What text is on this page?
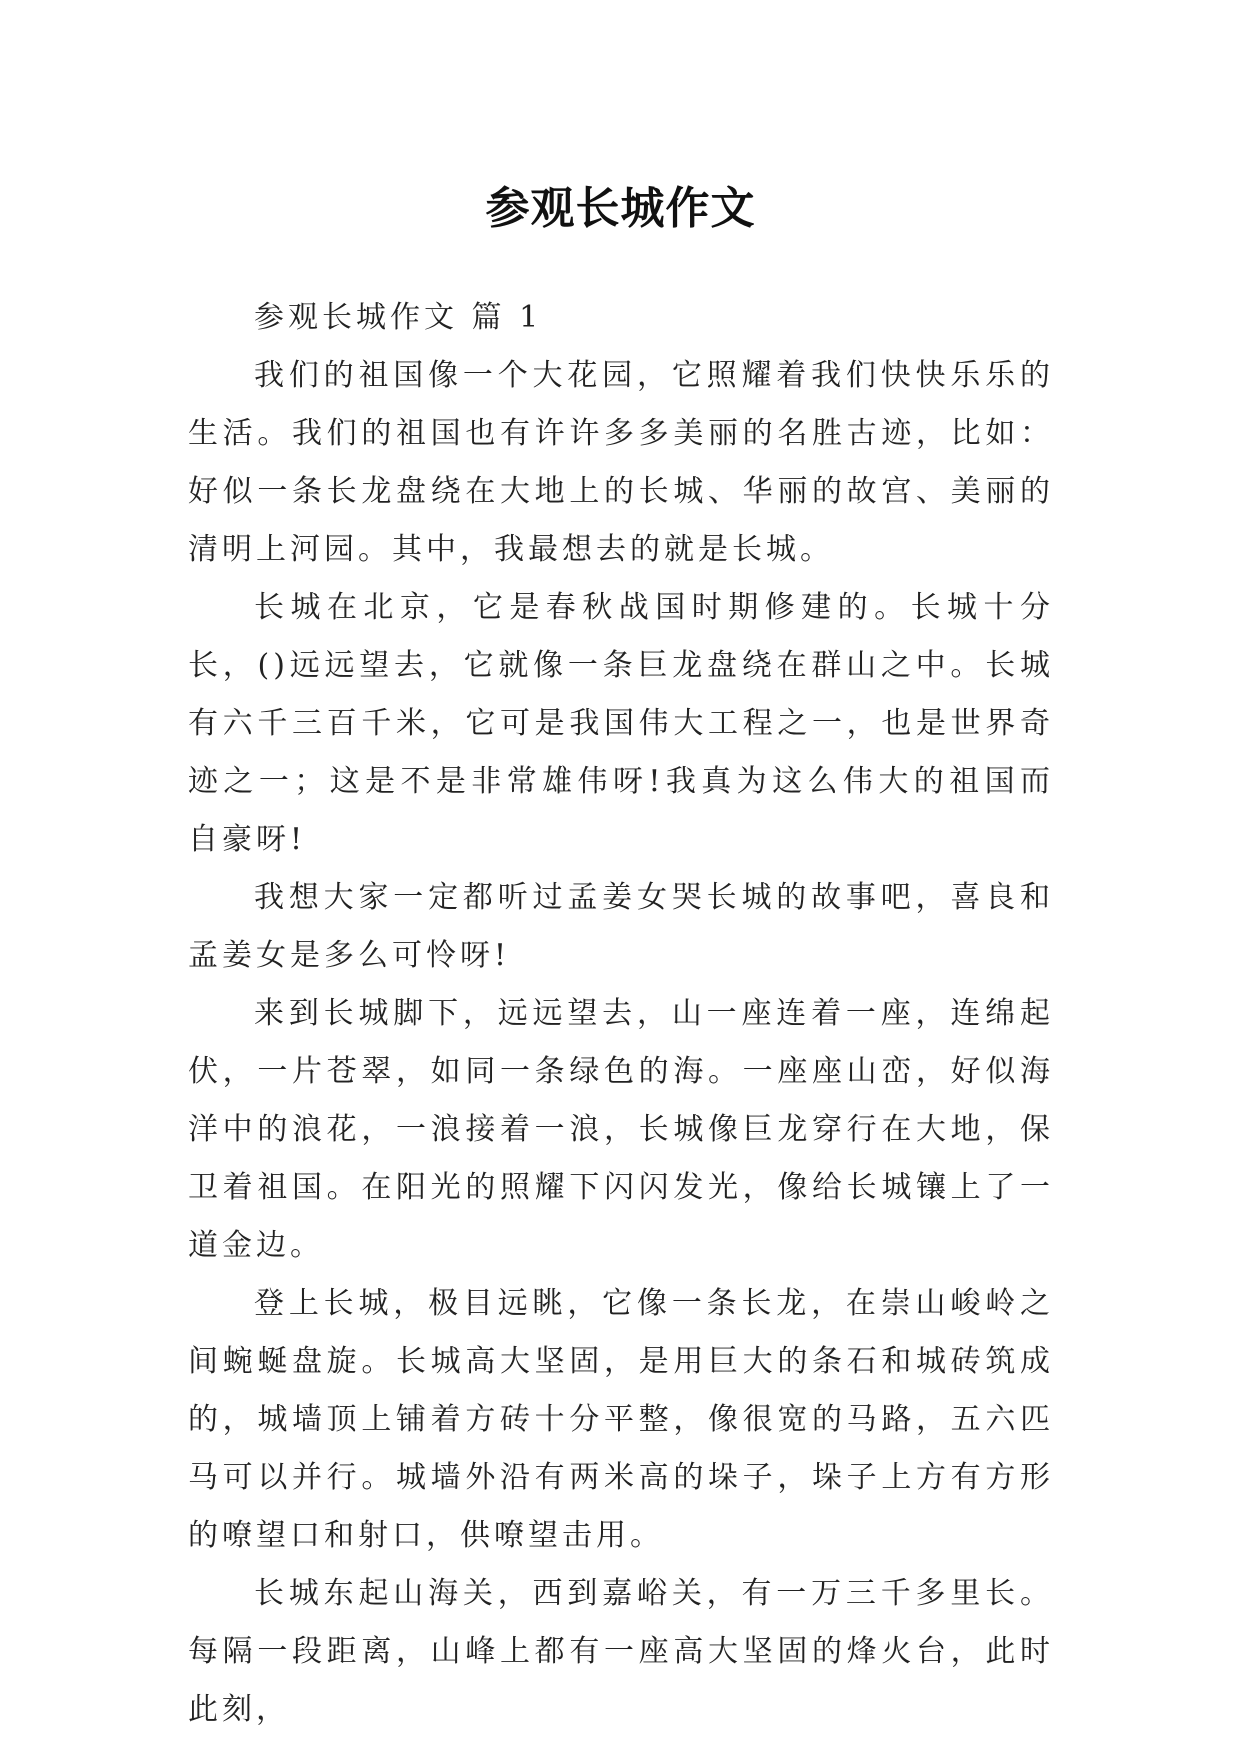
参观长城作文
参观长城作文 篇 1

我们的祖国像一个大花园，它照耀着我们快快乐乐的生活。我们的祖国也有许许多多美丽的名胜古迹，比如：好似一条长龙盘绕在大地上的长城、华丽的故宫、美丽的清明上河园。其中，我最想去的就是长城。

长城在北京，它是春秋战国时期修建的。长城十分长，()远远望去，它就像一条巨龙盘绕在群山之中。长城有六千三百千米，它可是我国伟大工程之一，也是世界奇迹之一；这是不是非常雄伟呀!我真为这么伟大的祖国而自豪呀!

我想大家一定都听过孟姜女哭长城的故事吧，喜良和孟姜女是多么可怜呀!

来到长城脚下，远远望去，山一座连着一座，连绵起伏，一片苍翠，如同一条绿色的海。一座座山峦，好似海洋中的浪花，一浪接着一浪，长城像巨龙穿行在大地，保卫着祖国。在阳光的照耀下闪闪发光，像给长城镶上了一道金边。

登上长城，极目远眺，它像一条长龙，在崇山峻岭之间蜿蜒盘旋。长城高大坚固，是用巨大的条石和城砖筑成的，城墙顶上铺着方砖十分平整，像很宽的马路，五六匹马可以并行。城墙外沿有两米高的垛子，垛子上方有方形的嘹望口和射口，供嘹望击用。

长城东起山海关，西到嘉峪关，有一万三千多里长。每隔一段距离，山峰上都有一座高大坚固的烽火台，此时此刻，
